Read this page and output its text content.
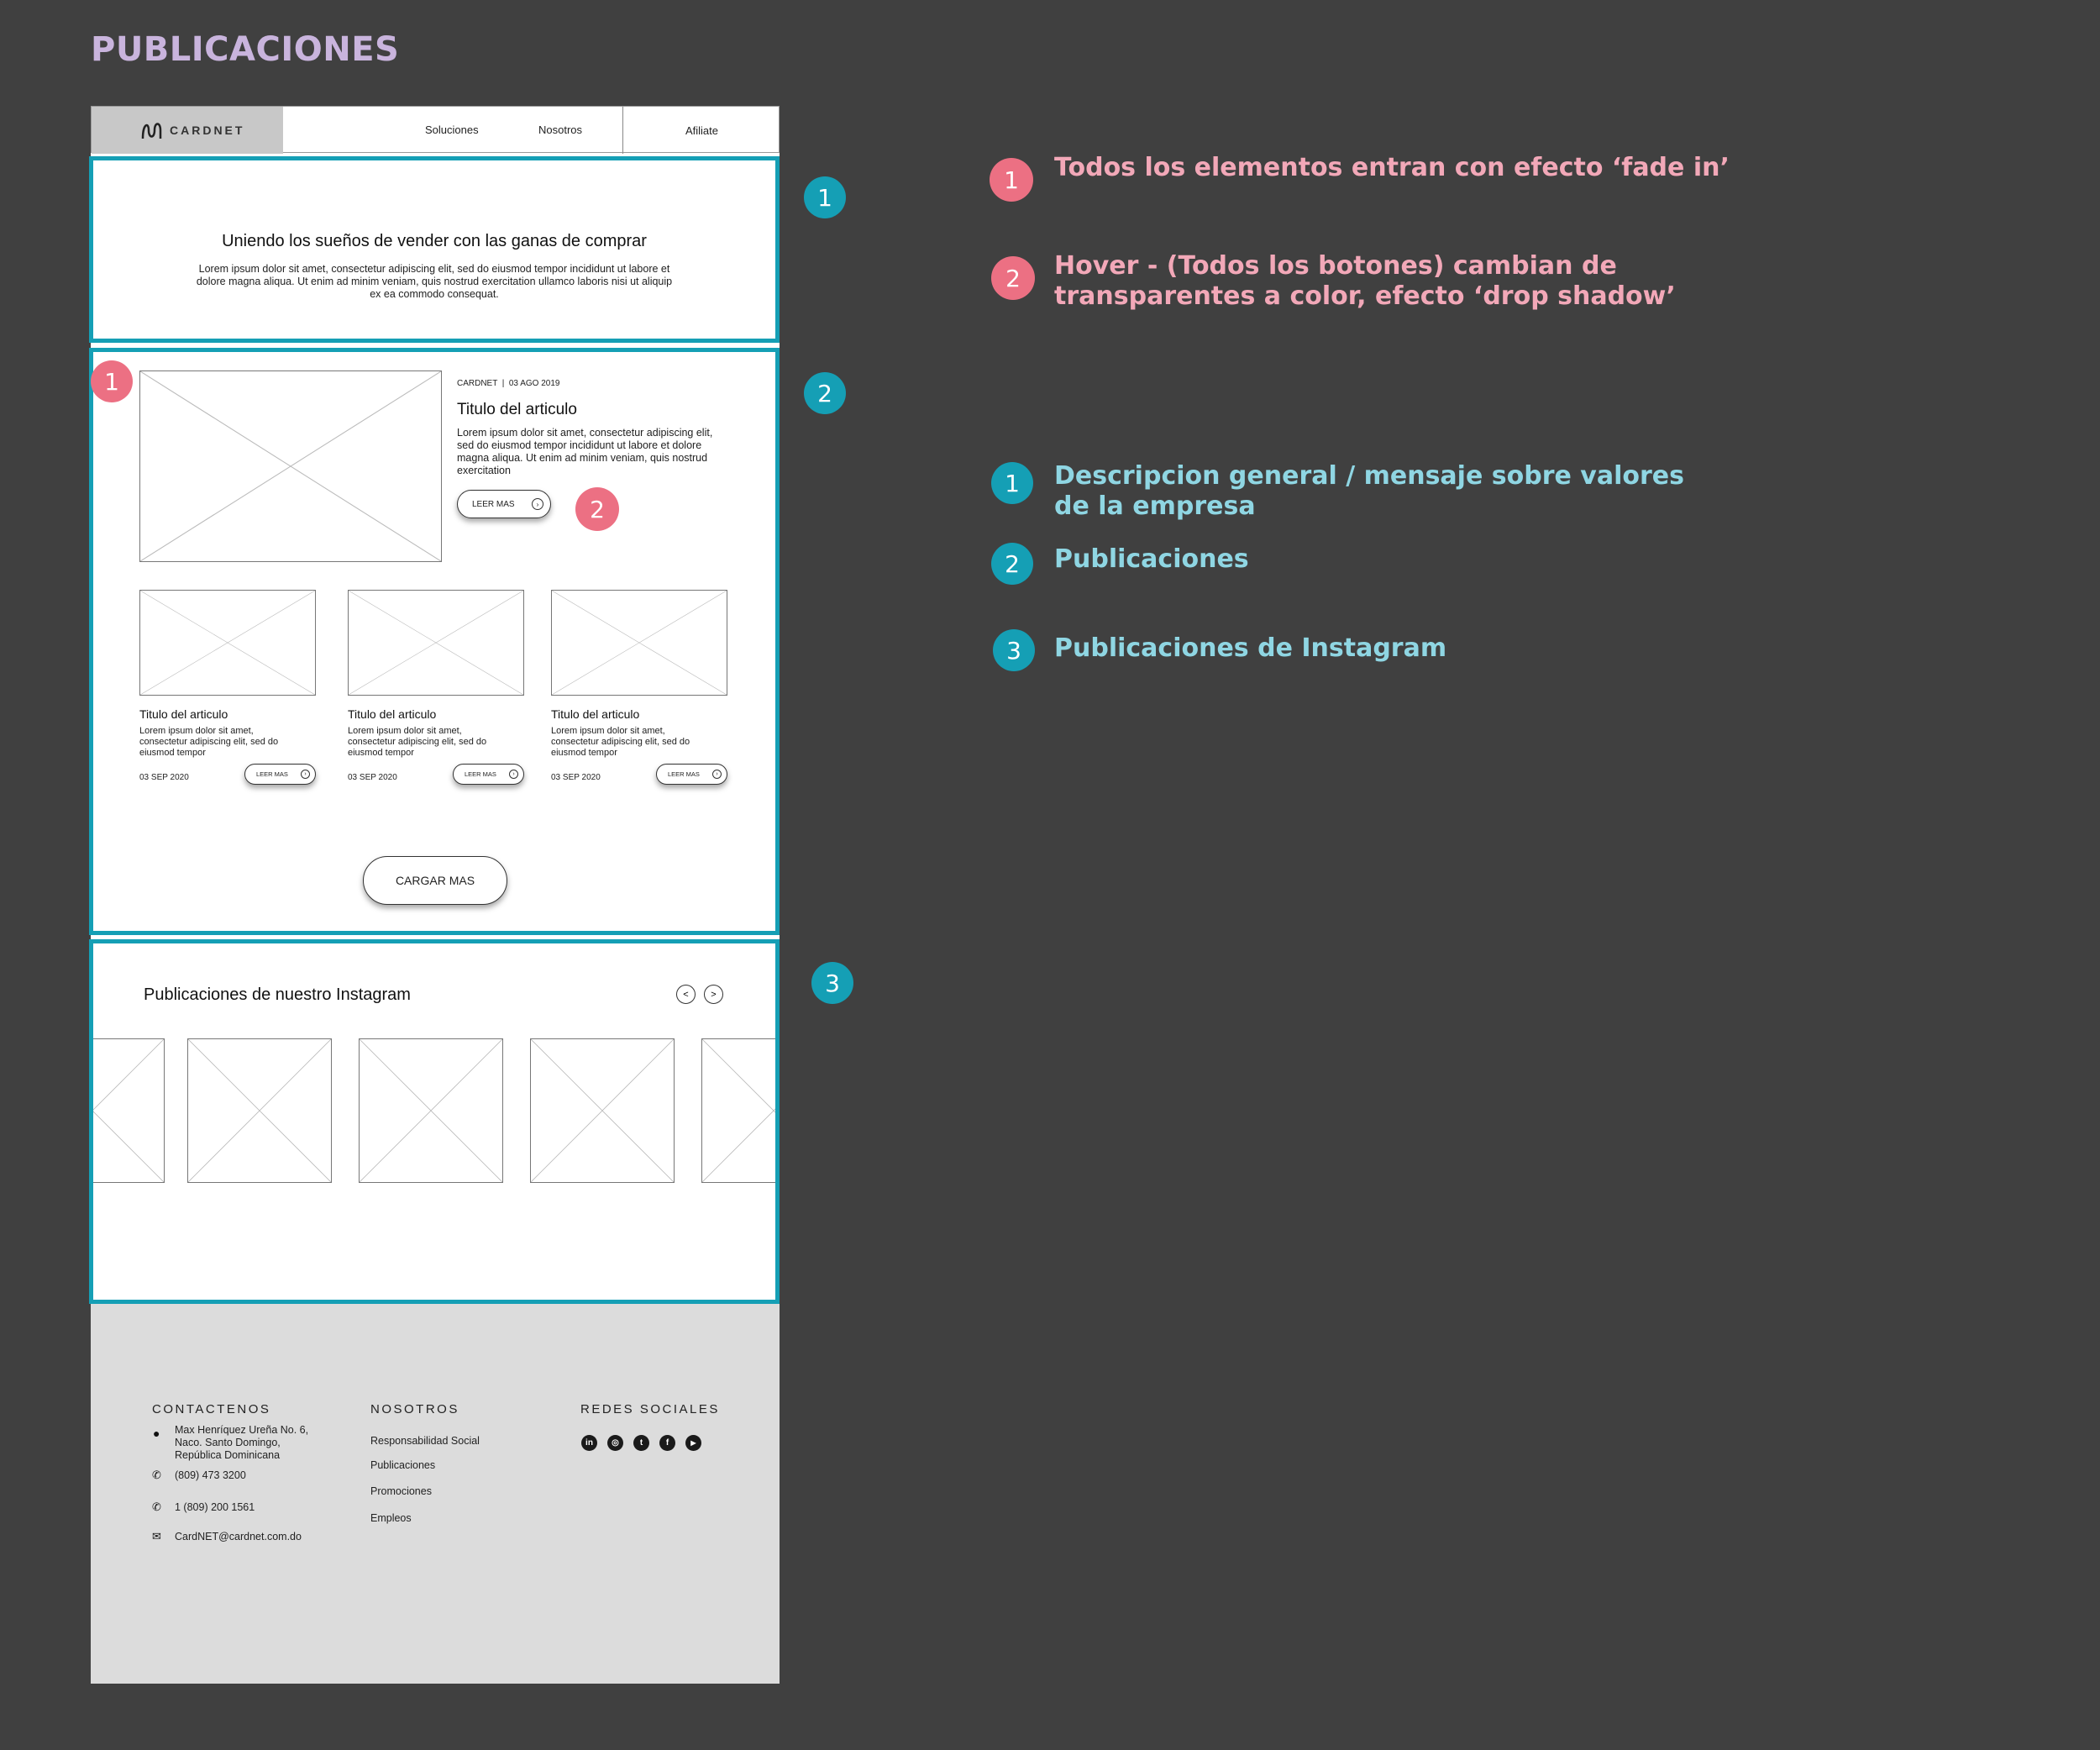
PUBLICACIONES
CARDNET	Soluciones	Nosotros	Afiliate
Uniendo los sueños de vender con las ganas de comprar
Lorem ipsum dolor sit amet, consectetur adipiscing elit, sed do eiusmod tempor incididunt ut labore et dolore magna aliqua. Ut enim ad minim veniam, quis nostrud exercitation ullamco laboris nisi ut aliquip ex ea commodo consequat.
CARDNET  |  03 AGO 2019
Titulo del articulo
Lorem ipsum dolor sit amet, consectetur adipiscing elit, sed do eiusmod tempor incididunt ut labore et dolore magna aliqua. Ut enim ad minim veniam, quis nostrud exercitation
LEER MAS	›
Titulo del articulo
Lorem ipsum dolor sit amet, consectetur adipiscing elit, sed do eiusmod tempor
03 SEP 2020	LEER MAS	›
Titulo del articulo
Lorem ipsum dolor sit amet, consectetur adipiscing elit, sed do eiusmod tempor
03 SEP 2020	LEER MAS	›
Titulo del articulo
Lorem ipsum dolor sit amet, consectetur adipiscing elit, sed do eiusmod tempor
03 SEP 2020	LEER MAS	›
CARGAR MAS
Publicaciones de nuestro Instagram	<	>
CONTACTENOS
● Max Henríquez Ureña No. 6,
Naco. Santo Domingo,
República Dominicana
✆ (809) 473 3200
✆ 1 (809) 200 1561
✉ CardNET@cardnet.com.do
NOSOTROS
Responsabilidad Social
Publicaciones
Promociones
Empleos
REDES SOCIALES
in	◎	t	f	▶
1
2
1
2
3
1	Todos los elementos entran con efecto ‘fade in’
2	Hover - (Todos los botones) cambian de transparentes a color, efecto ‘drop shadow’
1	Descripcion general / mensaje sobre valores de la empresa
2	Publicaciones
3	Publicaciones de Instagram
